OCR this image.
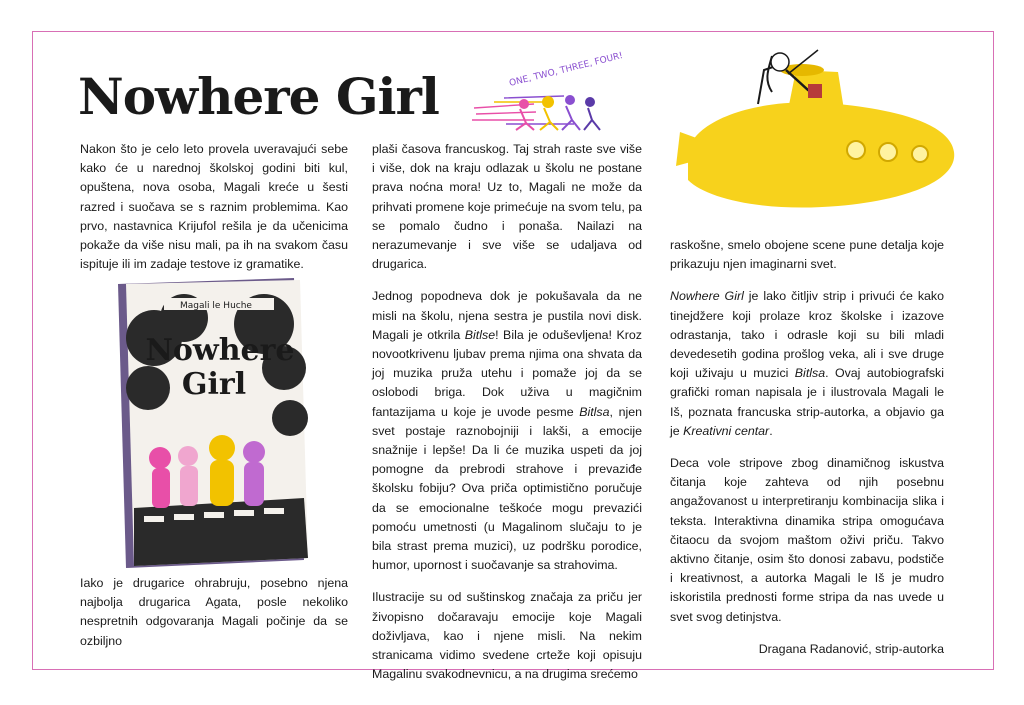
Nowhere Girl	ONE, TWO, THREE, FOUR!
Magali le Huche
Nowhere
Girl

Nakon što je celo leto provela uveravajući sebe kako će u narednoj školskoj godini biti kul, opuštena, nova osoba, Magali kreće u šesti razred i suočava se s raznim problemima. Kao prvo, nastavnica Krijufol rešila je da učenicima pokaže da više nisu mali, pa ih na svakom času ispituje ili im zadaje testove iz gramatike.

Iako je drugarice ohrabruju, posebno njena najbolja drugarica Agata, posle nekoliko nespretnih odgovaranja Magali počinje da se ozbiljno

plaši časova francuskog. Taj strah raste sve više i više, dok na kraju odlazak u školu ne postane prava noćna mora! Uz to, Magali ne može da prihvati promene koje primećuje na svom telu, pa se pomalo čudno i ponaša. Nailazi na nerazumevanje i sve više se udaljava od drugarica.

Jednog popodneva dok je pokušavala da ne misli na školu, njena sestra je pustila novi disk. Magali je otkrila Bitlse! Bila je oduševljena! Kroz novootkrivenu ljubav prema njima ona shvata da joj muzika pruža utehu i pomaže joj da se oslobodi briga. Dok uživa u magičnim fantazijama u koje je uvode pesme Bitlsa, njen svet postaje raznobojniji i lakši, a emocije snažnije i lepše! Da li će muzika uspeti da joj pomogne da prebrodi strahove i prevaziđe školsku fobiju? Ova priča optimistično poručuje da se emocionalne teškoće mogu prevazići pomoću umetnosti (u Magalinom slučaju to je bila strast prema muzici), uz podršku porodice, humor, upornost i suočavanje sa strahovima.

Ilustracije su od suštinskog značaja za priču jer živopisno dočaravaju emocije koje Magali doživljava, kao i njene misli. Na nekim stranicama vidimo svedene crteže koji opisuju Magalinu svakodnevnicu, a na drugima srećemo

raskošne, smelo obojene scene pune detalja koje prikazuju njen imaginarni svet.

Nowhere Girl je lako čitljiv strip i privući će kako tinejdžere koji prolaze kroz školske i izazove odrastanja, tako i odrasle koji su bili mladi devedesetih godina prošlog veka, ali i sve druge koji uživaju u muzici Bitlsa. Ovaj autobiografski grafički roman napisala je i ilustrovala Magali le Iš, poznata francuska strip-autorka, a objavio ga je Kreativni centar.

Deca vole stripove zbog dinamičnog iskustva čitanja koje zahteva od njih posebnu angažovanost u interpretiranju kombinacija slika i teksta. Interaktivna dinamika stripa omogućava čitaocu da svojom maštom oživi priču. Takvo aktivno čitanje, osim što donosi zabavu, podstiče i kreativnost, a autorka Magali le Iš je mudro iskoristila prednosti forme stripa da nas uvede u svet svog detinjstva.

Dragana Radanović, strip-autorka
